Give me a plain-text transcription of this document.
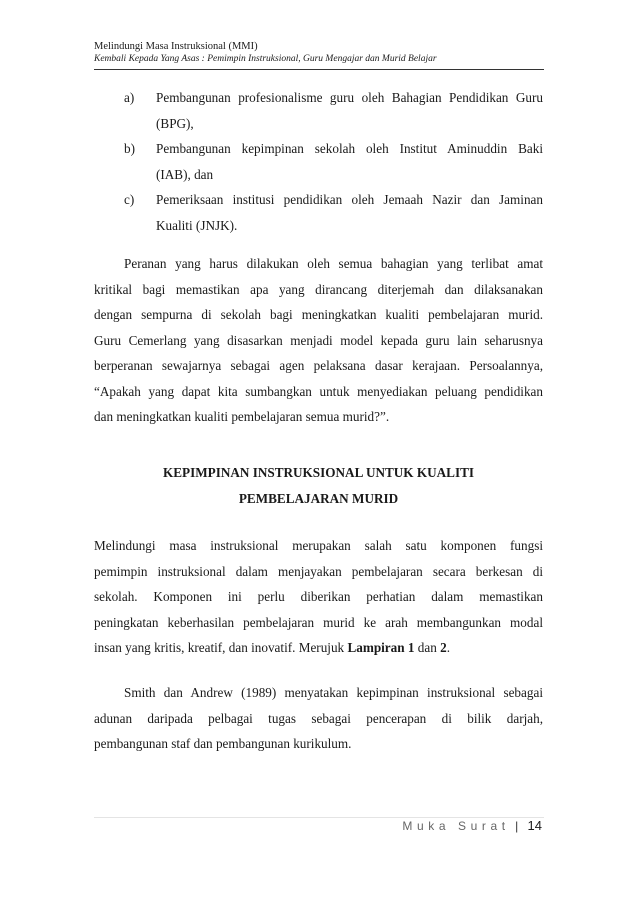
Melindungi Masa Instruksional (MMI)
Kembali Kepada Yang Asas : Pemimpin Instruksional, Guru Mengajar dan Murid Belajar
a) Pembangunan profesionalisme guru oleh Bahagian Pendidikan Guru
(BPG),
b) Pembangunan kepimpinan sekolah oleh Institut Aminuddin Baki
(IAB), dan
c) Pemeriksaan institusi pendidikan oleh Jemaah Nazir dan Jaminan
Kualiti (JNJK).
Peranan yang harus dilakukan oleh semua bahagian yang terlibat amat
kritikal bagi memastikan apa yang dirancang diterjemah dan dilaksanakan
dengan sempurna di sekolah bagi meningkatkan kualiti pembelajaran murid.
Guru Cemerlang yang disasarkan menjadi model kepada guru lain seharusnya
berperanan sewajarnya sebagai agen pelaksana dasar kerajaan. Persoalannya,
“Apakah yang dapat kita sumbangkan untuk menyediakan peluang pendidikan
dan meningkatkan kualiti pembelajaran semua murid?”.
KEPIMPINAN INSTRUKSIONAL UNTUK KUALITI
PEMBELAJARAN MURID
Melindungi masa instruksional merupakan salah satu komponen fungsi
pemimpin instruksional dalam menjayakan pembelajaran secara berkesan di
sekolah. Komponen ini perlu diberikan perhatian dalam memastikan
peningkatan keberhasilan pembelajaran murid ke arah membangunkan modal
insan yang kritis, kreatif, dan inovatif. Merujuk Lampiran 1 dan 2.
Smith dan Andrew (1989) menyatakan kepimpinan instruksional sebagai
adunan daripada pelbagai tugas sebagai pencerapan di bilik darjah,
pembangunan staf dan pembangunan kurikulum.
Muka Surat | 14
